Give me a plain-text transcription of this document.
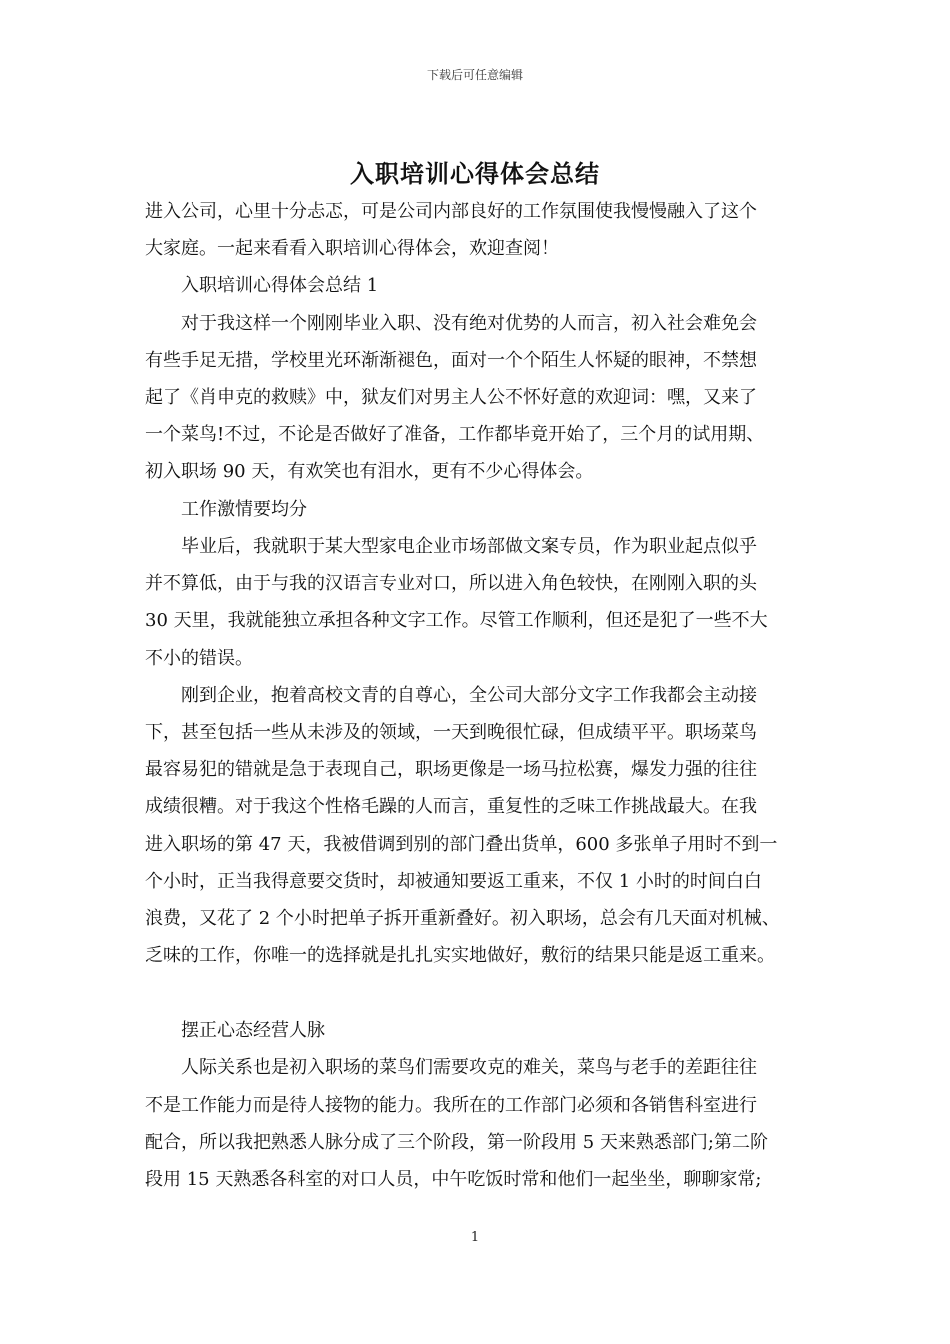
下载后可任意编辑
入职培训心得体会总结
进入公司，心里十分忐忑，可是公司内部良好的工作氛围使我慢慢融入了这个
大家庭。一起来看看入职培训心得体会，欢迎查阅！
入职培训心得体会总结 1
对于我这样一个刚刚毕业入职、没有绝对优势的人而言，初入社会难免会
有些手足无措，学校里光环渐渐褪色，面对一个个陌生人怀疑的眼神，不禁想
起了《肖申克的救赎》中，狱友们对男主人公不怀好意的欢迎词：嘿，又来了
一个菜鸟!不过，不论是否做好了准备，工作都毕竟开始了，三个月的试用期、
初入职场 90 天，有欢笑也有泪水，更有不少心得体会。
工作激情要均分
毕业后，我就职于某大型家电企业市场部做文案专员，作为职业起点似乎
并不算低，由于与我的汉语言专业对口，所以进入角色较快，在刚刚入职的头
30 天里，我就能独立承担各种文字工作。尽管工作顺利，但还是犯了一些不大
不小的错误。
刚到企业，抱着高校文青的自尊心，全公司大部分文字工作我都会主动接
下，甚至包括一些从未涉及的领域，一天到晚很忙碌，但成绩平平。职场菜鸟
最容易犯的错就是急于表现自己，职场更像是一场马拉松赛，爆发力强的往往
成绩很糟。对于我这个性格毛躁的人而言，重复性的乏味工作挑战最大。在我
进入职场的第 47 天，我被借调到别的部门叠出货单，600 多张单子用时不到一
个小时，正当我得意要交货时，却被通知要返工重来，不仅 1 小时的时间白白
浪费，又花了 2 个小时把单子拆开重新叠好。初入职场，总会有几天面对机械、
乏味的工作，你唯一的选择就是扎扎实实地做好，敷衍的结果只能是返工重来。
摆正心态经营人脉
人际关系也是初入职场的菜鸟们需要攻克的难关，菜鸟与老手的差距往往
不是工作能力而是待人接物的能力。我所在的工作部门必须和各销售科室进行
配合，所以我把熟悉人脉分成了三个阶段，第一阶段用 5 天来熟悉部门;第二阶
段用 15 天熟悉各科室的对口人员，中午吃饭时常和他们一起坐坐，聊聊家常;
1
